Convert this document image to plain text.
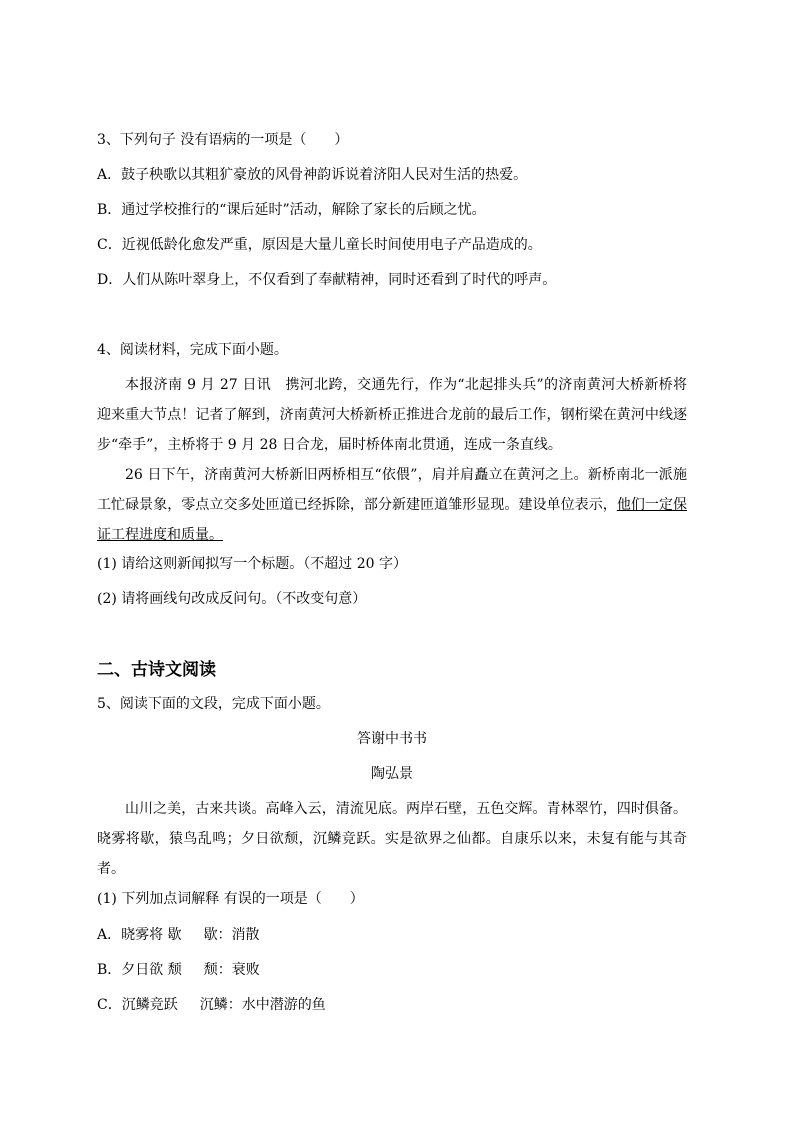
3、下列句子 没有语病的一项是（　　）
A．鼓子秧歌以其粗犷豪放的风骨神韵诉说着济阳人民对生活的热爱。
B．通过学校推行的“课后延时”活动，解除了家长的后顾之忧。
C．近视低龄化愈发严重，原因是大量儿童长时间使用电子产品造成的。
D．人们从陈叶翠身上，不仅看到了奉献精神，同时还看到了时代的呼声。
4、阅读材料，完成下面小题。
本报济南 9 月 27 日讯　携河北跨，交通先行，作为“北起排头兵”的济南黄河大桥新桥将迎来重大节点！记者了解到，济南黄河大桥新桥正推进合龙前的最后工作，钢桁梁在黄河中线逐步“牵手”，主桥将于 9 月 28 日合龙，届时桥体南北贯通，连成一条直线。
26 日下午，济南黄河大桥新旧两桥相互“依偎”，肩并肩矗立在黄河之上。新桥南北一派施工忙碌景象，零点立交多处匝道已经拆除，部分新建匝道雏形显现。建设单位表示，他们一定保证工程进度和质量。
(1) 请给这则新闻拟写一个标题。（不超过 20 字）
(2) 请将画线句改成反问句。（不改变句意）
二、古诗文阅读
5、阅读下面的文段，完成下面小题。
答谢中书书
陶弘景
山川之美，古来共谈。高峰入云，清流见底。两岸石壁，五色交辉。青林翠竹，四时俱备。晓雾将歇，猿鸟乱鸣；夕日欲颓，沉鳞竞跃。实是欲界之仙都。自康乐以来，未复有能与其奇者。
(1) 下列加点词解释 有误的一项是（　　）
A．晓雾将 歇 歇：消散
B．夕日欲 颓 颓：衰败
C．沉鳞竞跃 沉鳞：水中潜游的鱼
